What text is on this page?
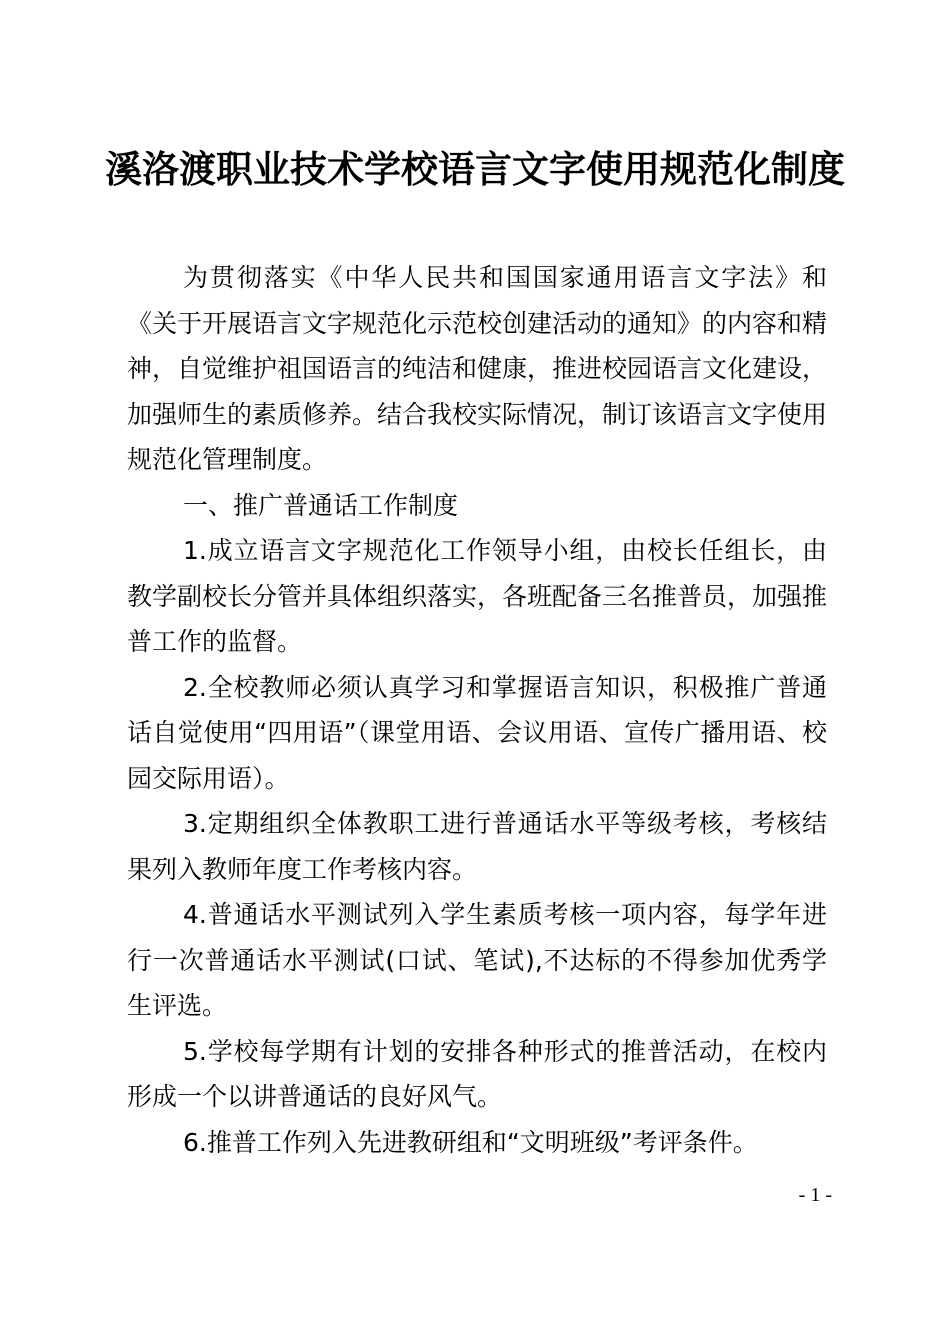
溪洛渡职业技术学校语言文字使用规范化制度

为贯彻落实《中华人民共和国国家通用语言文字法》和《关于开展语言文字规范化示范校创建活动的通知》的内容和精神，自觉维护祖国语言的纯洁和健康，推进校园语言文化建设，加强师生的素质修养。结合我校实际情况，制订该语言文字使用规范化管理制度。

一、推广普通话工作制度

1.成立语言文字规范化工作领导小组，由校长任组长，由教学副校长分管并具体组织落实，各班配备三名推普员，加强推普工作的监督。

2.全校教师必须认真学习和掌握语言知识，积极推广普通话自觉使用“四用语”（课堂用语、会议用语、宣传广播用语、校园交际用语）。

3.定期组织全体教职工进行普通话水平等级考核，考核结果列入教师年度工作考核内容。

4.普通话水平测试列入学生素质考核一项内容，每学年进行一次普通话水平测试(口试、笔试),不达标的不得参加优秀学生评选。

5.学校每学期有计划的安排各种形式的推普活动，在校内形成一个以讲普通话的良好风气。

6.推普工作列入先进教研组和“文明班级”考评条件。

- 1 -
